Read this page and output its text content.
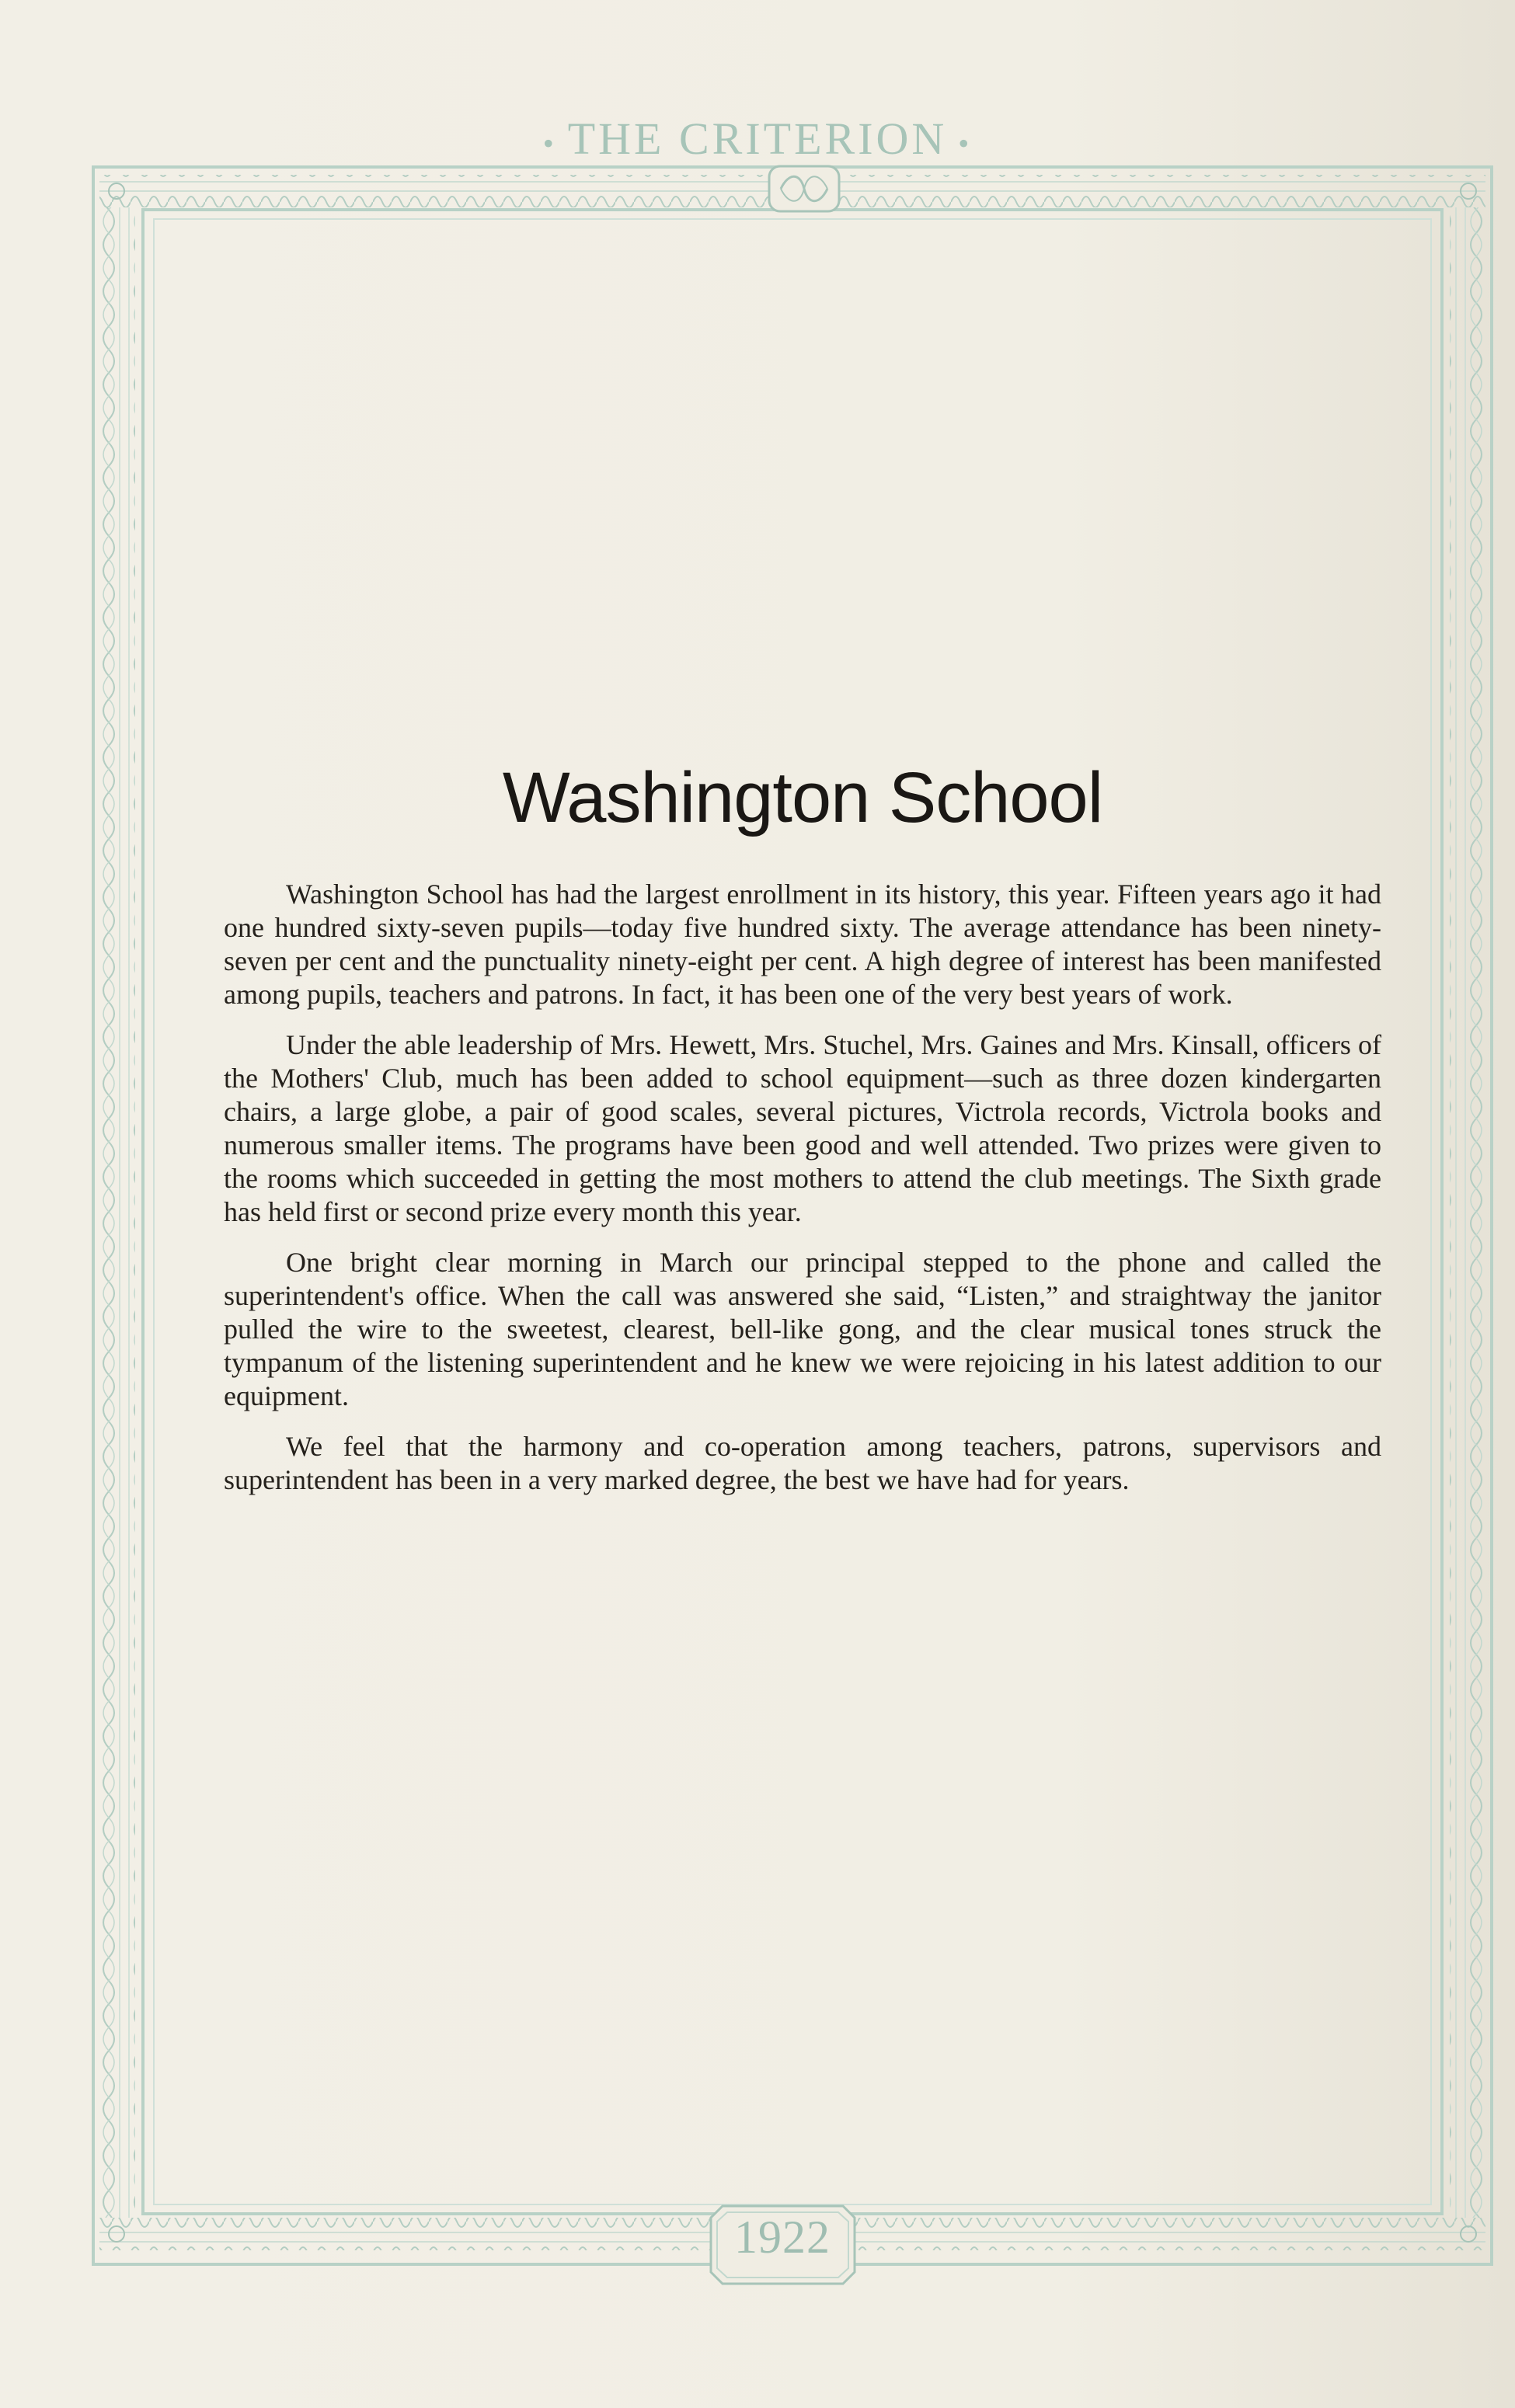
• THE CRITERION •
1922
Washington School

Washington School has had the largest enrollment in its history, this year. Fifteen years ago it had one hundred sixty-seven pupils—today five hundred sixty. The average attendance has been ninety-seven per cent and the punctuality ninety-eight per cent. A high degree of interest has been manifested among pupils, teachers and patrons. In fact, it has been one of the very best years of work.

Under the able leadership of Mrs. Hewett, Mrs. Stuchel, Mrs. Gaines and Mrs. Kinsall, officers of the Mothers' Club, much has been added to school equipment—such as three dozen kindergarten chairs, a large globe, a pair of good scales, several pictures, Victrola records, Victrola books and numerous smaller items. The programs have been good and well attended. Two prizes were given to the rooms which succeeded in getting the most mothers to attend the club meetings. The Sixth grade has held first or second prize every month this year.

One bright clear morning in March our principal stepped to the phone and called the superintendent's office. When the call was answered she said, “Listen,” and straightway the janitor pulled the wire to the sweetest, clearest, bell-like gong, and the clear musical tones struck the tympanum of the listening superintendent and he knew we were rejoicing in his latest addition to our equipment.

We feel that the harmony and co-operation among teachers, patrons, supervisors and superintendent has been in a very marked degree, the best we have had for years.
